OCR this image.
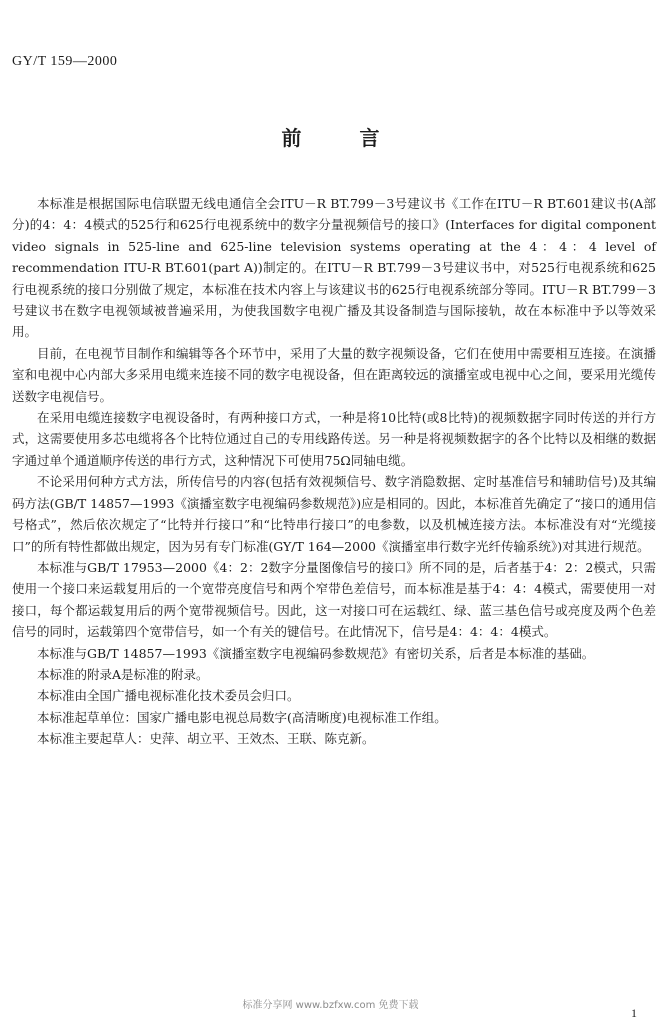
GY/T 159—2000
前言

本标准是根据国际电信联盟无线电通信全会ITU－R BT.799－3号建议书《工作在ITU－R BT.601建议书(A部分)的4：4：4模式的525行和625行电视系统中的数字分量视频信号的接口》(Interfaces for digital component video signals in 525-line and 625-line television systems operating at the 4：4：4 level of recommendation ITU-R BT.601(part A))制定的。在ITU－R BT.799－3号建议书中，对525行电视系统和625行电视系统的接口分别做了规定，本标准在技术内容上与该建议书的625行电视系统部分等同。ITU－R BT.799－3号建议书在数字电视领域被普遍采用，为使我国数字电视广播及其设备制造与国际接轨，故在本标准中予以等效采用。

目前，在电视节目制作和编辑等各个环节中，采用了大量的数字视频设备，它们在使用中需要相互连接。在演播室和电视中心内部大多采用电缆来连接不同的数字电视设备，但在距离较远的演播室或电视中心之间，要采用光缆传送数字电视信号。

在采用电缆连接数字电视设备时，有两种接口方式，一种是将10比特(或8比特)的视频数据字同时传送的并行方式，这需要使用多芯电缆将各个比特位通过自己的专用线路传送。另一种是将视频数据字的各个比特以及相继的数据字通过单个通道顺序传送的串行方式，这种情况下可使用75Ω同轴电缆。

不论采用何种方式方法，所传信号的内容(包括有效视频信号、数字消隐数据、定时基准信号和辅助信号)及其编码方法(GB/T 14857—1993《演播室数字电视编码参数规范》)应是相同的。因此，本标准首先确定了“接口的通用信号格式”，然后依次规定了“比特并行接口”和“比特串行接口”的电参数，以及机械连接方法。本标准没有对“光缆接口”的所有特性都做出规定，因为另有专门标准(GY/T 164—2000《演播室串行数字光纤传输系统》)对其进行规范。

本标准与GB/T 17953—2000《4：2：2数字分量图像信号的接口》所不同的是，后者基于4：2：2模式，只需使用一个接口来运载复用后的一个宽带亮度信号和两个窄带色差信号，而本标准是基于4：4：4模式，需要使用一对接口，每个都运载复用后的两个宽带视频信号。因此，这一对接口可在运载红、绿、蓝三基色信号或亮度及两个色差信号的同时，运载第四个宽带信号，如一个有关的键信号。在此情况下，信号是4：4：4：4模式。

本标准与GB/T 14857—1993《演播室数字电视编码参数规范》有密切关系，后者是本标准的基础。

本标准的附录A是标准的附录。

本标准由全国广播电视标准化技术委员会归口。

本标准起草单位：国家广播电影电视总局数字(高清晰度)电视标准工作组。

本标准主要起草人：史萍、胡立平、王效杰、王联、陈克新。

标准分享网 www.bzfxw.com 免费下载
1
